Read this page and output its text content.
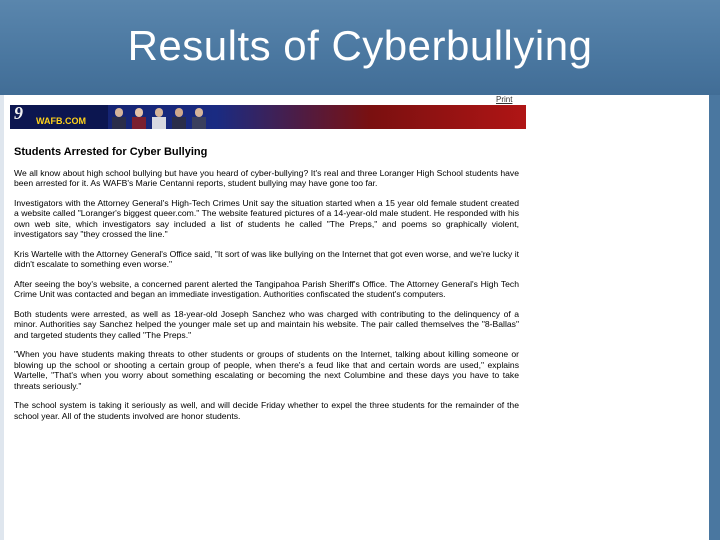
Results of Cyberbullying
Print
9 WAFB.COM
Students Arrested for Cyber Bullying

We all know about high school bullying but have you heard of cyber-bullying? It's real and three Loranger High School students have been arrested for it. As WAFB's Marie Centanni reports, student bullying may have gone too far.

Investigators with the Attorney General's High-Tech Crimes Unit say the situation started when a 15 year old female student created a website called "Loranger's biggest queer.com." The website featured pictures of a 14-year-old male student. He responded with his own web site, which investigators say included a list of students he called "The Preps," and poems so graphically violent, investigators say "they crossed the line."

Kris Wartelle with the Attorney General's Office said, "It sort of was like bullying on the Internet that got even worse, and we're lucky it didn't escalate to something even worse."

After seeing the boy's website, a concerned parent alerted the Tangipahoa Parish Sheriff's Office. The Attorney General's High Tech Crime Unit was contacted and began an immediate investigation. Authorities confiscated the student's computers.

Both students were arrested, as well as 18-year-old Joseph Sanchez who was charged with contributing to the delinquency of a minor. Authorities say Sanchez helped the younger male set up and maintain his website. The pair called themselves the "8-Ballas" and targeted students they called "The Preps."

"When you have students making threats to other students or groups of students on the Internet, talking about killing someone or blowing up the school or shooting a certain group of people, when there's a feud like that and certain words are used," explains Wartelle, "That's when you worry about something escalating or becoming the next Columbine and these days you have to take threats seriously."

The school system is taking it seriously as well, and will decide Friday whether to expel the three students for the remainder of the school year. All of the students involved are honor students.
